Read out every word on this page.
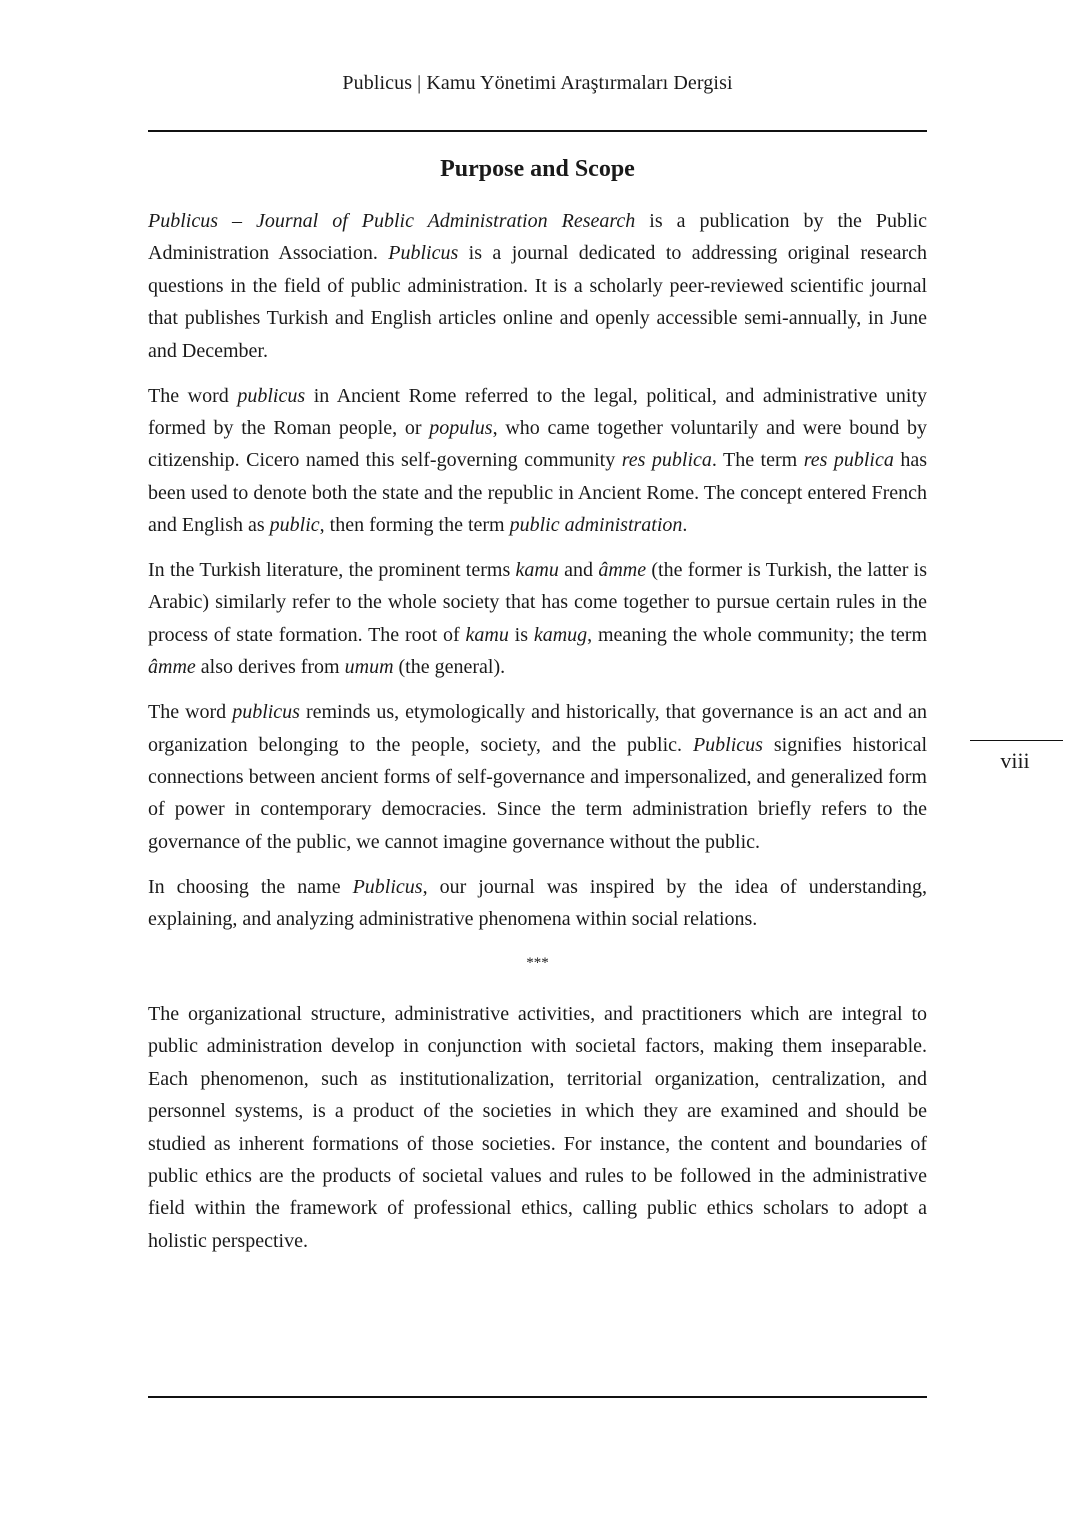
Publicus | Kamu Yönetimi Araştırmaları Dergisi
Purpose and Scope

Publicus – Journal of Public Administration Research is a publication by the Public Administration Association. Publicus is a journal dedicated to addressing original research questions in the field of public administration. It is a scholarly peer-reviewed scientific journal that publishes Turkish and English articles online and openly accessible semi-annually, in June and December.

The word publicus in Ancient Rome referred to the legal, political, and administrative unity formed by the Roman people, or populus, who came together voluntarily and were bound by citizenship. Cicero named this self-governing community res publica. The term res publica has been used to denote both the state and the republic in Ancient Rome. The concept entered French and English as public, then forming the term public administration.

In the Turkish literature, the prominent terms kamu and âmme (the former is Turkish, the latter is Arabic) similarly refer to the whole society that has come together to pursue certain rules in the process of state formation. The root of kamu is kamug, meaning the whole community; the term âmme also derives from umum (the general).

The word publicus reminds us, etymologically and historically, that governance is an act and an organization belonging to the people, society, and the public. Publicus signifies historical connections between ancient forms of self-governance and impersonalized, and generalized form of power in contemporary democracies. Since the term administration briefly refers to the governance of the public, we cannot imagine governance without the public.

In choosing the name Publicus, our journal was inspired by the idea of understanding, explaining, and analyzing administrative phenomena within social relations.

***

The organizational structure, administrative activities, and practitioners which are integral to public administration develop in conjunction with societal factors, making them inseparable. Each phenomenon, such as institutionalization, territorial organization, centralization, and personnel systems, is a product of the societies in which they are examined and should be studied as inherent formations of those societies. For instance, the content and boundaries of public ethics are the products of societal values and rules to be followed in the administrative field within the framework of professional ethics, calling public ethics scholars to adopt a holistic perspective.

viii
